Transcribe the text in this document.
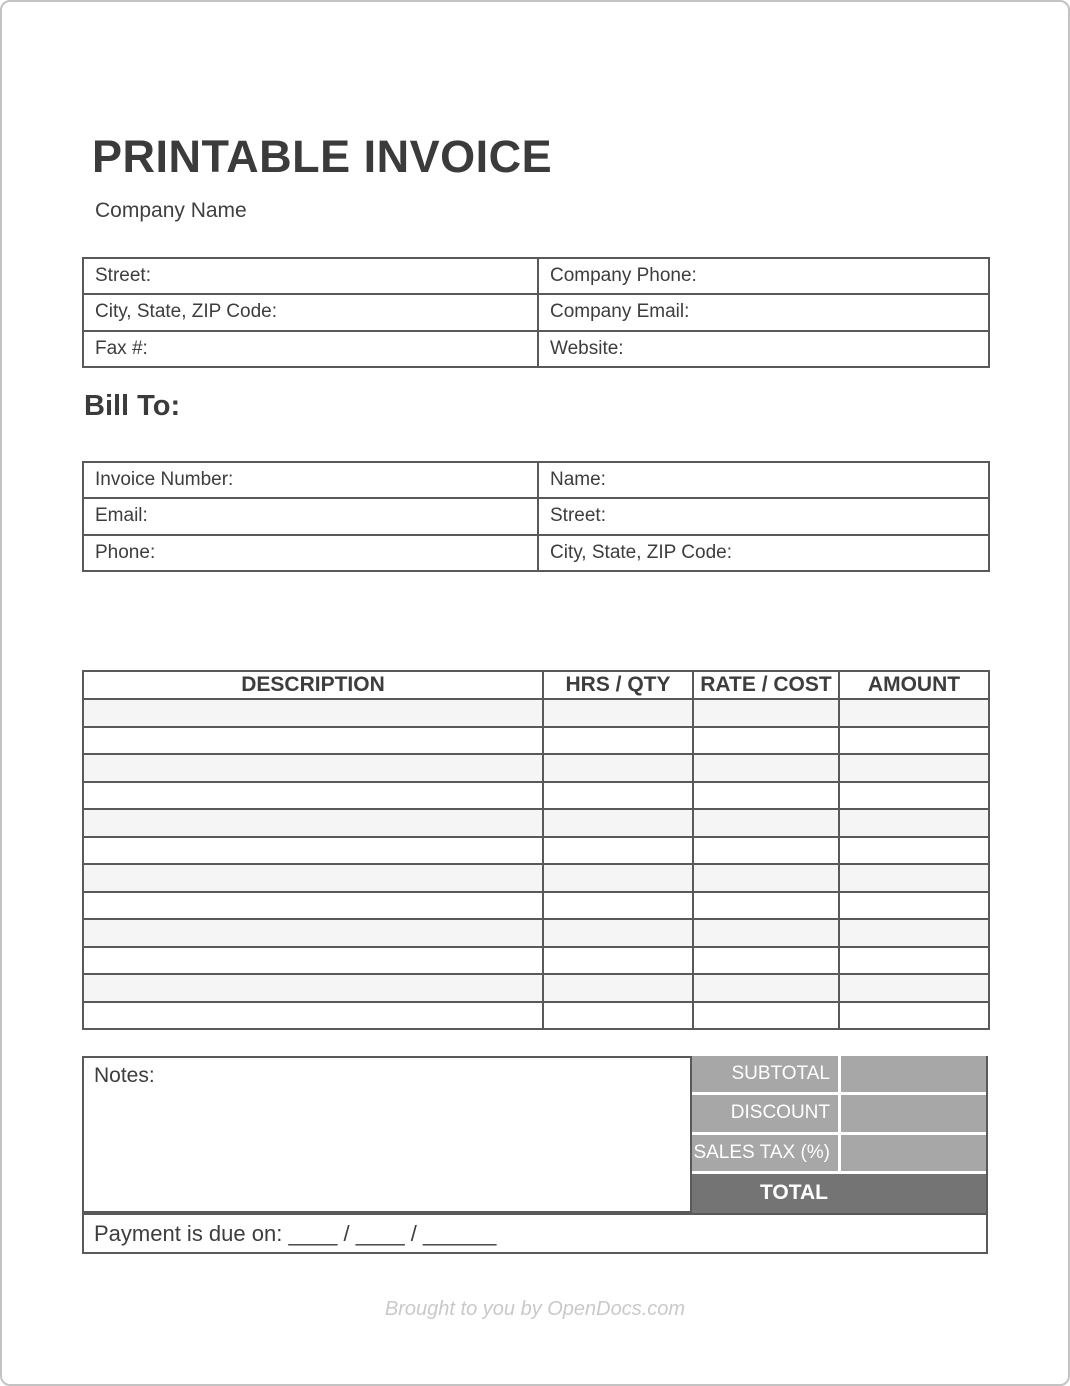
PRINTABLE INVOICE
Company Name
Street:	Company Phone:
City, State, ZIP Code:	Company Email:
Fax #:	Website:
Bill To:
Invoice Number:	Name:
Email:	Street:
Phone:	City, State, ZIP Code:
DESCRIPTION	HRS / QTY	RATE / COST	AMOUNT

Notes:	SUBTOTAL
DISCOUNT
SALES TAX (%)
TOTAL
Payment is due on: ____ / ____ / ______
Brought to you by OpenDocs.com
